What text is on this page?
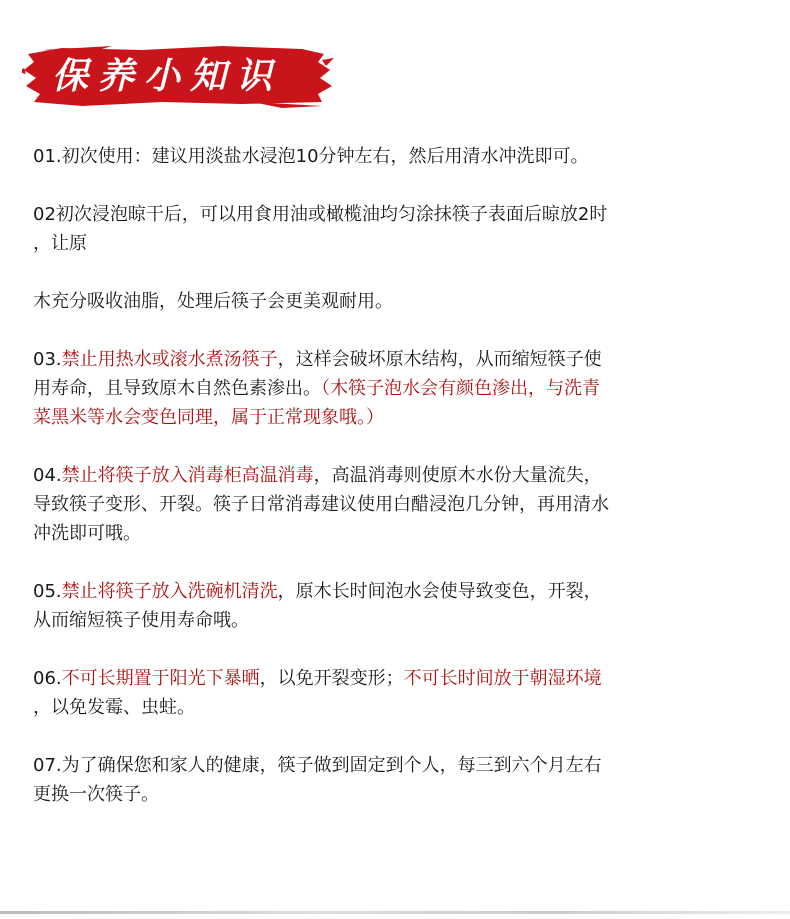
保养小知识

01.初次使用：建议用淡盐水浸泡10分钟左右，然后用清水冲洗即可。

02初次浸泡晾干后，可以用食用油或橄榄油均匀涂抹筷子表面后晾放2时

，让原

木充分吸收油脂，处理后筷子会更美观耐用。

03.禁止用热水或滚水煮汤筷子，这样会破坏原木结构，从而缩短筷子使
用寿命，且导致原木自然色素渗出。（木筷子泡水会有颜色渗出，与洗青
菜黑米等水会变色同理，属于正常现象哦。）

04.禁止将筷子放入消毒柜高温消毒，高温消毒则使原木水份大量流失，
导致筷子变形、开裂。筷子日常消毒建议使用白醋浸泡几分钟，再用清水
冲洗即可哦。

05.禁止将筷子放入洗碗机清洗，原木长时间泡水会使导致变色，开裂，
从而缩短筷子使用寿命哦。

06.不可长期置于阳光下暴晒，以免开裂变形；不可长时间放于朝湿环境
，以免发霉、虫蛀。

07.为了确保您和家人的健康，筷子做到固定到个人，每三到六个月左右
更换一次筷子。
